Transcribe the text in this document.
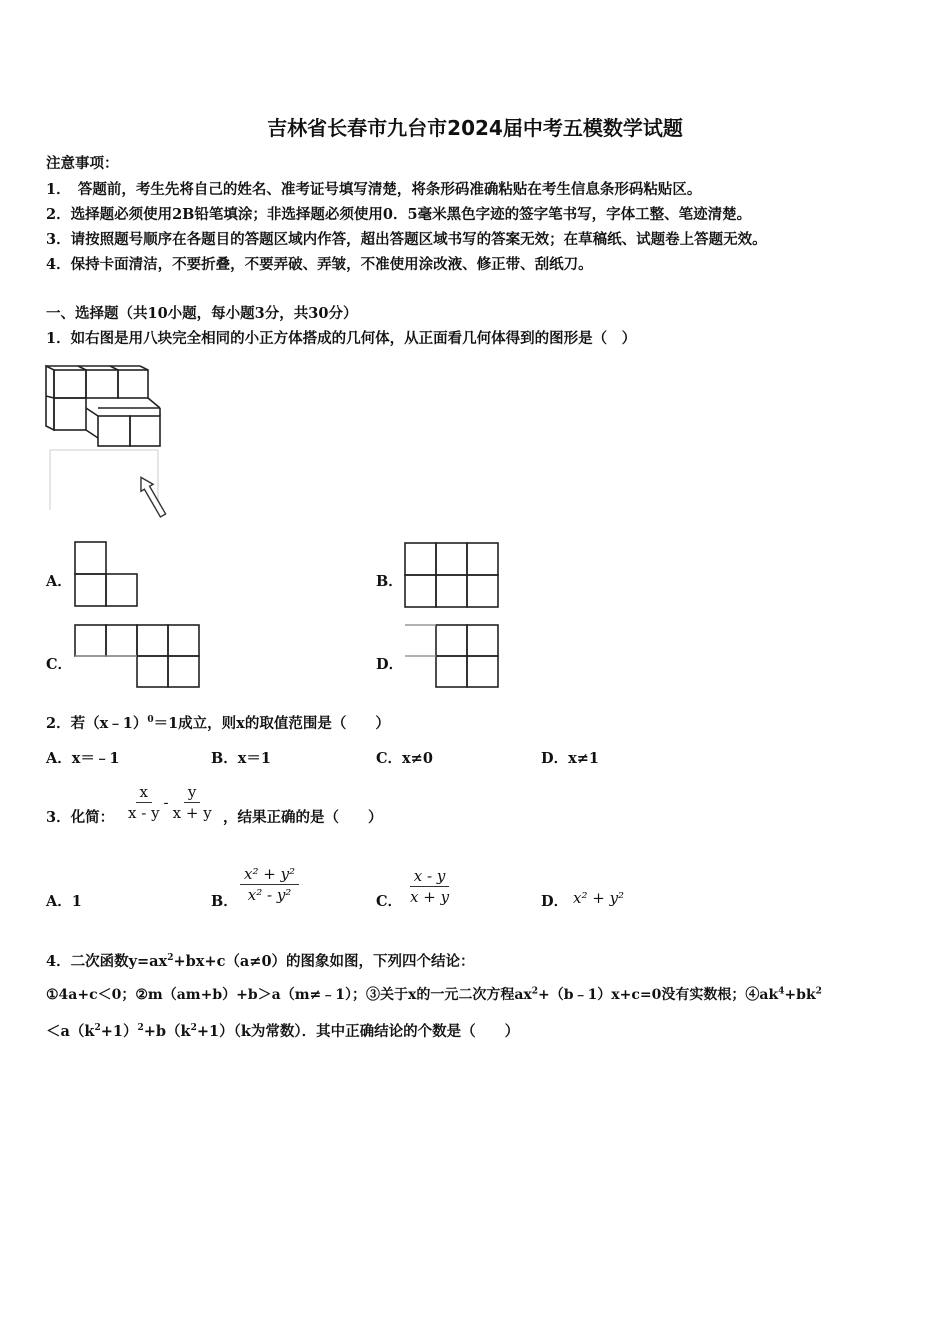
吉林省长春市九台市2024届中考五模数学试题
注意事项：
1．　答题前，考生先将自己的姓名、准考证号填写清楚，将条形码准确粘贴在考生信息条形码粘贴区。
2．选择题必须使用2B铅笔填涂；非选择题必须使用0．5毫米黑色字迹的签字笔书写，字体工整、笔迹清楚。
3．请按照题号顺序在各题目的答题区域内作答，超出答题区域书写的答案无效；在草稿纸、试题卷上答题无效。
4．保持卡面清洁，不要折叠，不要弄破、弄皱，不准使用涂改液、修正带、刮纸刀。
一、选择题（共10小题，每小题3分，共30分）
1．如右图是用八块完全相同的小正方体搭成的几何体，从正面看几何体得到的图形是（　）
A．	B．
C．	D．
2．若（x﹣1）$^0$＝1成立，则x的取值范围是（　　）
A．x＝﹣1	B．x＝1	C．x≠0	D．x≠1
3．化简： $\frac{x}{x - y} - \frac{y}{x + y}$ ，结果正确的是（　　）
A．1	B． $\frac{\text{x² + y²}}{\text{x² - y²}}$	C． $\frac{x - y}{x + y}$	D． x² + y²
4．二次函数$y=ax^2+bx+c(a\ne 0)$的图象如图，下列四个结论：
①4a+c＜0；②m（am+b）+b＞a（m≠﹣1）；③关于x的一元二次方程$ax^2+(b﹣1)x+c=0$没有实数根；$④ak^4+bk^2$
$<a(k^2+1)^2+b(k^2+1)(k$为常数）．其中正确结论的个数是（　　）
